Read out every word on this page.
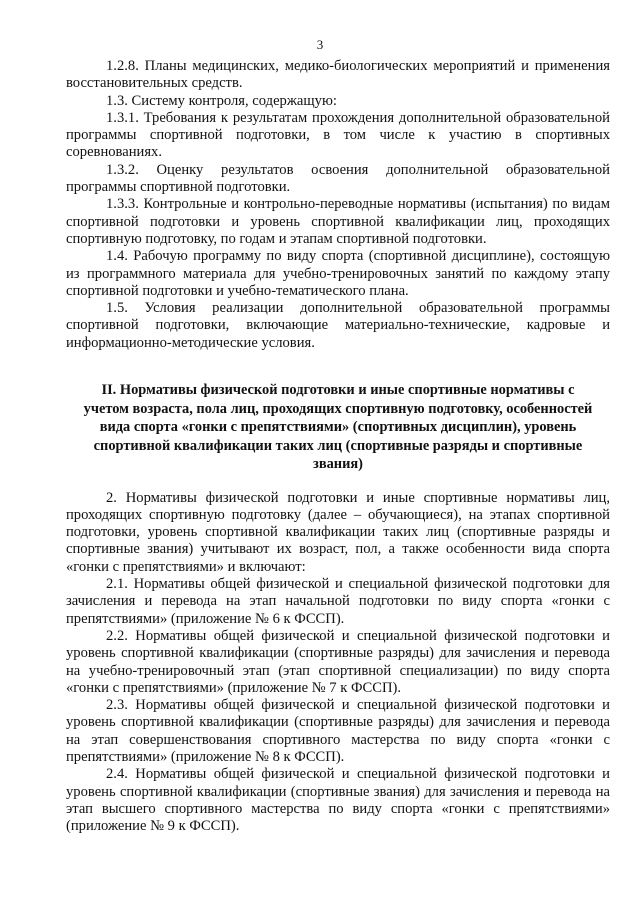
3

1.2.8. Планы медицинских, медико-биологических мероприятий и применения восстановительных средств.

1.3. Систему контроля, содержащую:

1.3.1. Требования к результатам прохождения дополнительной образовательной программы спортивной подготовки, в том числе к участию в спортивных соревнованиях.

1.3.2. Оценку результатов освоения дополнительной образовательной программы спортивной подготовки.

1.3.3. Контрольные и контрольно-переводные нормативы (испытания) по видам спортивной подготовки и уровень спортивной квалификации лиц, проходящих спортивную подготовку, по годам и этапам спортивной подготовки.

1.4. Рабочую программу по виду спорта (спортивной дисциплине), состоящую из программного материала для учебно-тренировочных занятий по каждому этапу спортивной подготовки и учебно-тематического плана.

1.5. Условия реализации дополнительной образовательной программы спортивной подготовки, включающие материально-технические, кадровые и информационно-методические условия.

II. Нормативы физической подготовки и иные спортивные нормативы с учетом возраста, пола лиц, проходящих спортивную подготовку, особенностей вида спорта «гонки с препятствиями» (спортивных дисциплин), уровень спортивной квалификации таких лиц (спортивные разряды и спортивные звания)

2. Нормативы физической подготовки и иные спортивные нормативы лиц, проходящих спортивную подготовку (далее – обучающиеся), на этапах спортивной подготовки, уровень спортивной квалификации таких лиц (спортивные разряды и спортивные звания) учитывают их возраст, пол, а также особенности вида спорта «гонки с препятствиями» и включают:

2.1. Нормативы общей физической и специальной физической подготовки для зачисления и перевода на этап начальной подготовки по виду спорта «гонки с препятствиями» (приложение № 6 к ФССП).

2.2. Нормативы общей физической и специальной физической подготовки и уровень спортивной квалификации (спортивные разряды) для зачисления и перевода на учебно-тренировочный этап (этап спортивной специализации) по виду спорта «гонки с препятствиями» (приложение № 7 к ФССП).

2.3. Нормативы общей физической и специальной физической подготовки и уровень спортивной квалификации (спортивные разряды) для зачисления и перевода на этап совершенствования спортивного мастерства по виду спорта «гонки с препятствиями» (приложение № 8 к ФССП).

2.4. Нормативы общей физической и специальной физической подготовки и уровень спортивной квалификации (спортивные звания) для зачисления и перевода на этап высшего спортивного мастерства по виду спорта «гонки с препятствиями» (приложение № 9 к ФССП).
